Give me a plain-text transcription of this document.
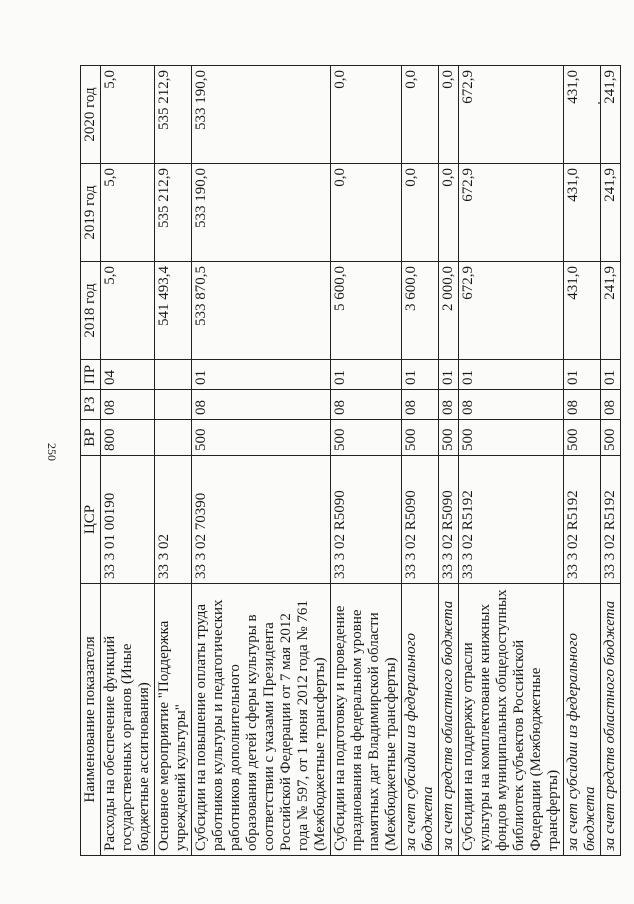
250
Наименование показателя	ЦСР	ВР	РЗ	ПР	2018 год	2019 год	2020 год
Расходы на обеспечение функций государственных органов (Иные бюджетные ассигнования)	33 3 01 00190	800	08	04	5,0	5,0	5,0
Основное мероприятие "Поддержка учреждений культуры"	33 3 02				541 493,4	535 212,9	535 212,9
Субсидии на повышение оплаты труда работников культуры и педагогических работников дополнительного образования детей сферы культуры в соответствии с указами Президента Российской Федерации от 7 мая 2012 года № 597, от 1 июня 2012 года № 761 (Межбюджетные трансферты)	33 3 02 70390	500	08	01	533 870,5	533 190,0	533 190,0
Субсидии на подготовку и проведение празднования на федеральном уровне памятных дат Владимирской области (Межбюджетные трансферты)	33 3 02 R5090	500	08	01	5 600,0	0,0	0,0
за счет субсидии из федерального бюджета	33 3 02 R5090	500	08	01	3 600,0	0,0	0,0
за счет средств областного бюджета	33 3 02 R5090	500	08	01	2 000,0	0,0	0,0
Субсидии на поддержку отрасли культуры на комплектование книжных фондов муниципальных общедоступных библиотек субъектов Российской Федерации (Межбюджетные трансферты)	33 3 02 R5192	500	08	01	672,9	672,9	672,9
за счет субсидии из федерального бюджета	33 3 02 R5192	500	08	01	431,0	431,0	431,0
за счет средств областного бюджета	33 3 02 R5192	500	08	01	241,9	241,9	241,9
